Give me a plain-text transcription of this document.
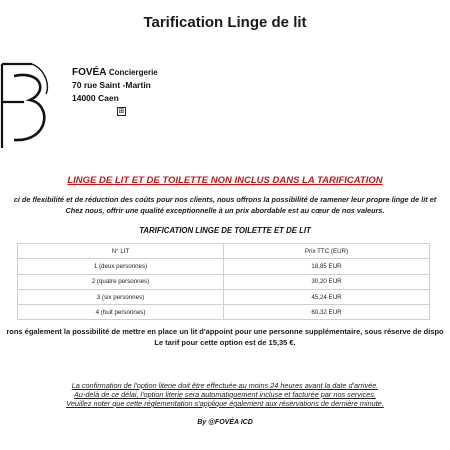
Tarification Linge de lit
FOVÉA Conciergerie
70 rue Saint -Martin
14000 Caen
⊞
LINGE DE LIT ET DE TOILETTE NON INCLUS DANS LA TARIFICATION
ci de flexibilité et de réduction des coûts pour nos clients, nous offrons la possibilité de ramener leur propre linge de lit et
Chez nous, offrir une qualité exceptionnelle à un prix abordable est au cœur de nos valeurs.
TARIFICATION LINGE DE TOILETTE ET DE LIT
N° LIT	Prix TTC (EUR)
1 (deux personnes)	18,85 EUR
2 (quatre personnes)	30,20 EUR
3 (six personnes)	45,24 EUR
4 (huit personnes)	60,32 EUR
rons également la possibilité de mettre en place un lit d'appoint pour une personne supplémentaire, sous réserve de dispo
Le tarif pour cette option est de 15,35 €.
La confirmation de l'option literie doit être effectuée au moins 24 heures avant la date d'arrivée.
Au-delà de ce délai, l'option literie sera automatiquement incluse et facturée par nos services.
Veuillez noter que cette réglementation s'applique également aux réservations de dernière minute.
By @FOVÉA ICD
